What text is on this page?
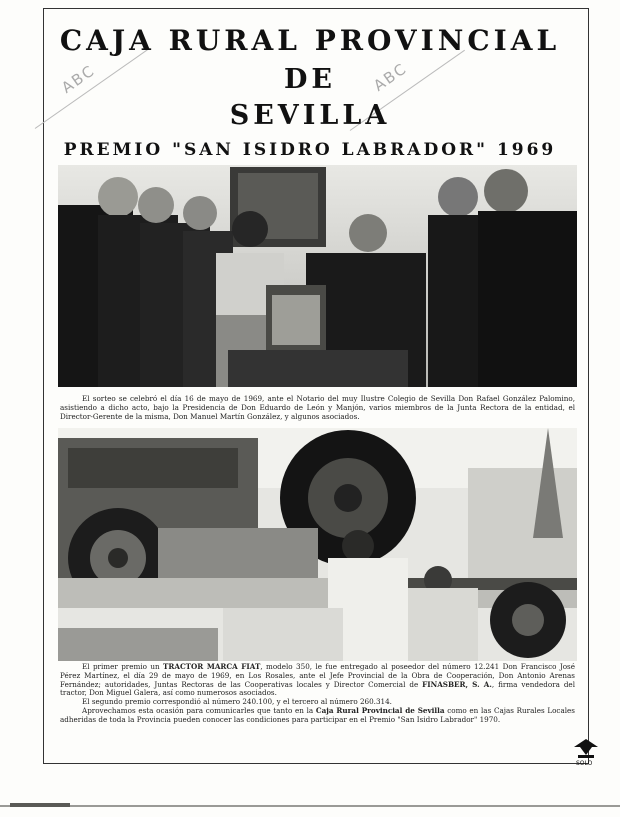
ABC	ABC
CAJA RURAL PROVINCIAL
DE
SEVILLA
PREMIO "SAN ISIDRO LABRADOR" 1969

El sorteo se celebró el día 16 de mayo de 1969, ante el Notario del muy Ilustre Colegio de Sevilla Don Rafael González Palomino, asistiendo a dicho acto, bajo la Presidencia de Don Eduardo de León y Manjón, varios miembros de la Junta Rectora de la entidad, el Director-Gerente de la misma, Don Manuel Martín González, y algunos asociados.

El primer premio un TRACTOR MARCA FIAT, modelo 350, le fue entregado al poseedor del número 12.241 Don Francisco José Pérez Martínez, el día 29 de mayo de 1969, en Los Rosales, ante el Jefe Provincial de la Obra de Cooperación, Don Antonio Arenas Fernández; autoridades, Juntas Rectoras de las Cooperativas locales y Director Comercial de FINASBER, S. A., firma vendedora del tractor, Don Miguel Galera, así como numerosos asociados.

El segundo premio correspondió al número 240.100, y el tercero al número 260.314.

Aprovechamos esta ocasión para comunicarles que tanto en la Caja Rural Provincial de Sevilla como en las Cajas Rurales Locales adheridas de toda la Provincia pueden conocer las condiciones para participar en el Premio "San Isidro Labrador" 1970.

SOLO
